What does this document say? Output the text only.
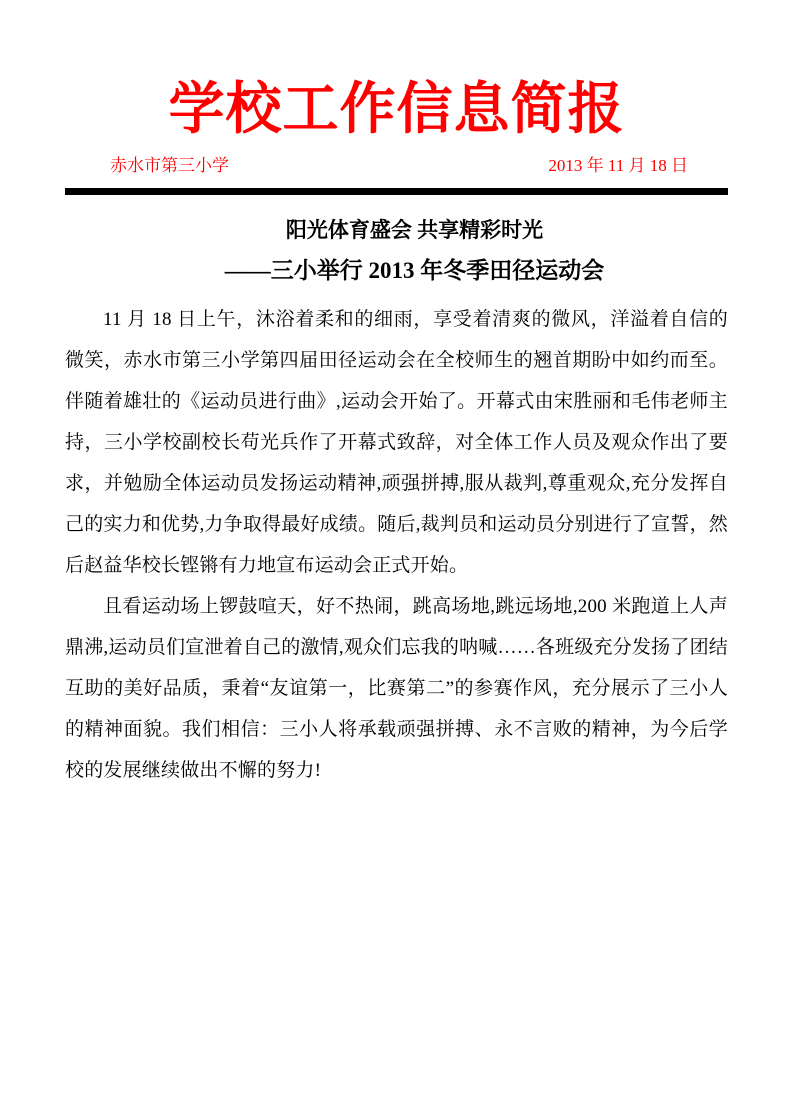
学校工作信息简报
赤水市第三小学	2013 年 11 月 18 日
阳光体育盛会 共享精彩时光
——三小举行 2013 年冬季田径运动会

11 月 18 日上午，沐浴着柔和的细雨，享受着清爽的微风，洋溢着自信的微笑，赤水市第三小学第四届田径运动会在全校师生的翘首期盼中如约而至。伴随着雄壮的《运动员进行曲》,运动会开始了。开幕式由宋胜丽和毛伟老师主持，三小学校副校长苟光兵作了开幕式致辞，对全体工作人员及观众作出了要求，并勉励全体运动员发扬运动精神,顽强拼搏,服从裁判,尊重观众,充分发挥自己的实力和优势,力争取得最好成绩。随后,裁判员和运动员分别进行了宣誓，然后赵益华校长铿锵有力地宣布运动会正式开始。

且看运动场上锣鼓喧天，好不热闹，跳高场地,跳远场地,200 米跑道上人声鼎沸,运动员们宣泄着自己的激情,观众们忘我的呐喊……各班级充分发扬了团结互助的美好品质，秉着“友谊第一，比赛第二”的参赛作风，充分展示了三小人的精神面貌。我们相信：三小人将承载顽强拼搏、永不言败的精神，为今后学校的发展继续做出不懈的努力!
